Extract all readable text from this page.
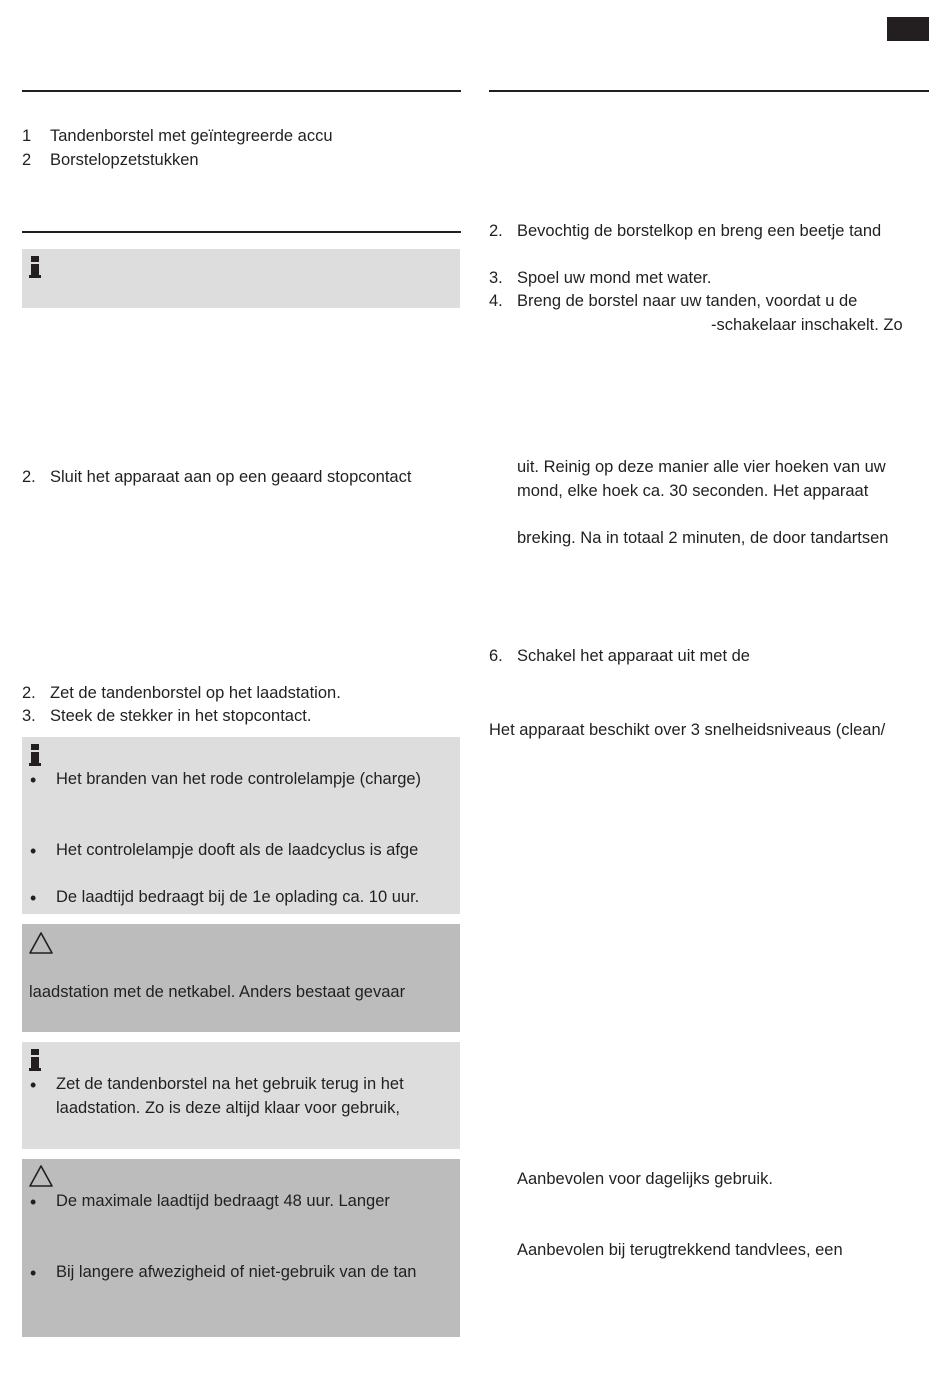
1 Tandenborstel met geïntegreerde accu
2 Borstelopzetstukken
2. Sluit het apparaat aan op een geaard stopcontact
2. Zet de tandenborstel op het laadstation.
3. Steek de stekker in het stopcontact.
• Het branden van het rode controlelampje (charge)
• Het controlelampje dooft als de laadcyclus is afge
• De laadtijd bedraagt bij de 1e oplading ca. 10 uur.
laadstation met de netkabel. Anders bestaat gevaar
• Zet de tandenborstel na het gebruik terug in het
laadstation. Zo is deze altijd klaar voor gebruik,
• De maximale laadtijd bedraagt 48 uur. Langer
• Bij langere afwezigheid of niet-gebruik van de tan
2. Bevochtig de borstelkop en breng een beetje tand
3. Spoel uw mond met water.
4. Breng de borstel naar uw tanden, voordat u de
-schakelaar inschakelt. Zo
uit. Reinig op deze manier alle vier hoeken van uw
mond, elke hoek ca. 30 seconden. Het apparaat
breking. Na in totaal 2 minuten, de door tandartsen
6. Schakel het apparaat uit met de
Het apparaat beschikt over 3 snelheidsniveaus (clean/
Aanbevolen voor dagelijks gebruik.
Aanbevolen bij terugtrekkend tandvlees, een
